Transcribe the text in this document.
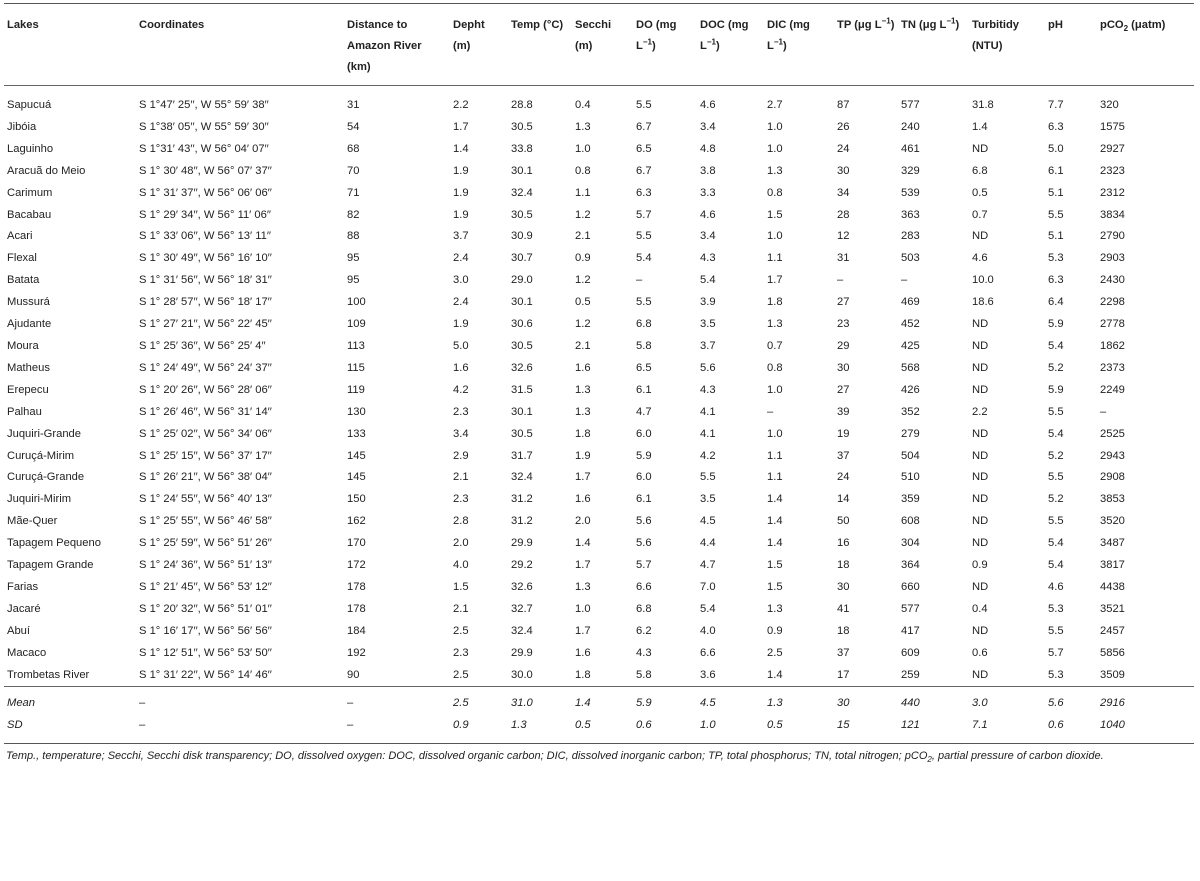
Lakes	Coordinates	Distance to Amazon River (km)	Depht (m)	Temp (°C)	Secchi (m)	DO (mg $L^{-1}$)	DOC (mg $L^{-1}$)	DIC (mg $L^{-1}$)	TP (μg $L^{-1}$)	TN (μg $L^{-1}$)	Turbitidy (NTU)	pH	pCO$_2$ (μatm)
Sapucuá	S 1°47′ 25′′, W 55° 59′ 38′′	31	2.2	28.8	0.4	5.5	4.6	2.7	87	577	31.8	7.7	320
Jibóia	S 1°38′ 05′′, W 55° 59′ 30′′	54	1.7	30.5	1.3	6.7	3.4	1.0	26	240	1.4	6.3	1575
Laguinho	S 1°31′ 43′′, W 56° 04′ 07′′	68	1.4	33.8	1.0	6.5	4.8	1.0	24	461	ND	5.0	2927
Aracuã do Meio	S 1° 30′ 48′′, W 56° 07′ 37′′	70	1.9	30.1	0.8	6.7	3.8	1.3	30	329	6.8	6.1	2323
Carimum	S 1° 31′ 37′′, W 56° 06′ 06′′	71	1.9	32.4	1.1	6.3	3.3	0.8	34	539	0.5	5.1	2312
Bacabau	S 1° 29′ 34′′, W 56° 11′ 06′′	82	1.9	30.5	1.2	5.7	4.6	1.5	28	363	0.7	5.5	3834
Acari	S 1° 33′ 06′′, W 56° 13′ 11′′	88	3.7	30.9	2.1	5.5	3.4	1.0	12	283	ND	5.1	2790
Flexal	S 1° 30′ 49′′, W 56° 16′ 10′′	95	2.4	30.7	0.9	5.4	4.3	1.1	31	503	4.6	5.3	2903
Batata	S 1° 31′ 56′′, W 56° 18′ 31′′	95	3.0	29.0	1.2	–	5.4	1.7	–	–	10.0	6.3	2430
Mussurá	S 1° 28′ 57′′, W 56° 18′ 17′′	100	2.4	30.1	0.5	5.5	3.9	1.8	27	469	18.6	6.4	2298
Ajudante	S 1° 27′ 21′′, W 56° 22′ 45′′	109	1.9	30.6	1.2	6.8	3.5	1.3	23	452	ND	5.9	2778
Moura	S 1° 25′ 36′′, W 56° 25′ 4′′	113	5.0	30.5	2.1	5.8	3.7	0.7	29	425	ND	5.4	1862
Matheus	S 1° 24′ 49′′, W 56° 24′ 37′′	115	1.6	32.6	1.6	6.5	5.6	0.8	30	568	ND	5.2	2373
Erepecu	S 1° 20′ 26′′, W 56° 28′ 06′′	119	4.2	31.5	1.3	6.1	4.3	1.0	27	426	ND	5.9	2249
Palhau	S 1° 26′ 46′′, W 56° 31′ 14′′	130	2.3	30.1	1.3	4.7	4.1	–	39	352	2.2	5.5	–
Juquiri-Grande	S 1° 25′ 02′′, W 56° 34′ 06′′	133	3.4	30.5	1.8	6.0	4.1	1.0	19	279	ND	5.4	2525
Curuçá-Mirim	S 1° 25′ 15′′, W 56° 37′ 17′′	145	2.9	31.7	1.9	5.9	4.2	1.1	37	504	ND	5.2	2943
Curuçá-Grande	S 1° 26′ 21′′, W 56° 38′ 04′′	145	2.1	32.4	1.7	6.0	5.5	1.1	24	510	ND	5.5	2908
Juquiri-Mirim	S 1° 24′ 55′′, W 56° 40′ 13′′	150	2.3	31.2	1.6	6.1	3.5	1.4	14	359	ND	5.2	3853
Mãe-Quer	S 1° 25′ 55′′, W 56° 46′ 58′′	162	2.8	31.2	2.0	5.6	4.5	1.4	50	608	ND	5.5	3520
Tapagem Pequeno	S 1° 25′ 59′′, W 56° 51′ 26′′	170	2.0	29.9	1.4	5.6	4.4	1.4	16	304	ND	5.4	3487
Tapagem Grande	S 1° 24′ 36′′, W 56° 51′ 13′′	172	4.0	29.2	1.7	5.7	4.7	1.5	18	364	0.9	5.4	3817
Farias	S 1° 21′ 45′′, W 56° 53′ 12′′	178	1.5	32.6	1.3	6.6	7.0	1.5	30	660	ND	4.6	4438
Jacaré	S 1° 20′ 32′′, W 56° 51′ 01′′	178	2.1	32.7	1.0	6.8	5.4	1.3	41	577	0.4	5.3	3521
Abuí	S 1° 16′ 17′′, W 56° 56′ 56′′	184	2.5	32.4	1.7	6.2	4.0	0.9	18	417	ND	5.5	2457
Macaco	S 1° 12′ 51′′, W 56° 53′ 50′′	192	2.3	29.9	1.6	4.3	6.6	2.5	37	609	0.6	5.7	5856
Trombetas River	S 1° 31′ 22′′, W 56° 14′ 46′′	90	2.5	30.0	1.8	5.8	3.6	1.4	17	259	ND	5.3	3509
Mean	–	–	2.5	31.0	1.4	5.9	4.5	1.3	30	440	3.0	5.6	2916
SD	–	–	0.9	1.3	0.5	0.6	1.0	0.5	15	121	7.1	0.6	1040
Temp., temperature; Secchi, Secchi disk transparency; DO, dissolved oxygen: DOC, dissolved organic carbon; DIC, dissolved inorganic carbon; TP, total phosphorus; TN, total nitrogen; pCO$_2$, partial pressure of carbon dioxide.
